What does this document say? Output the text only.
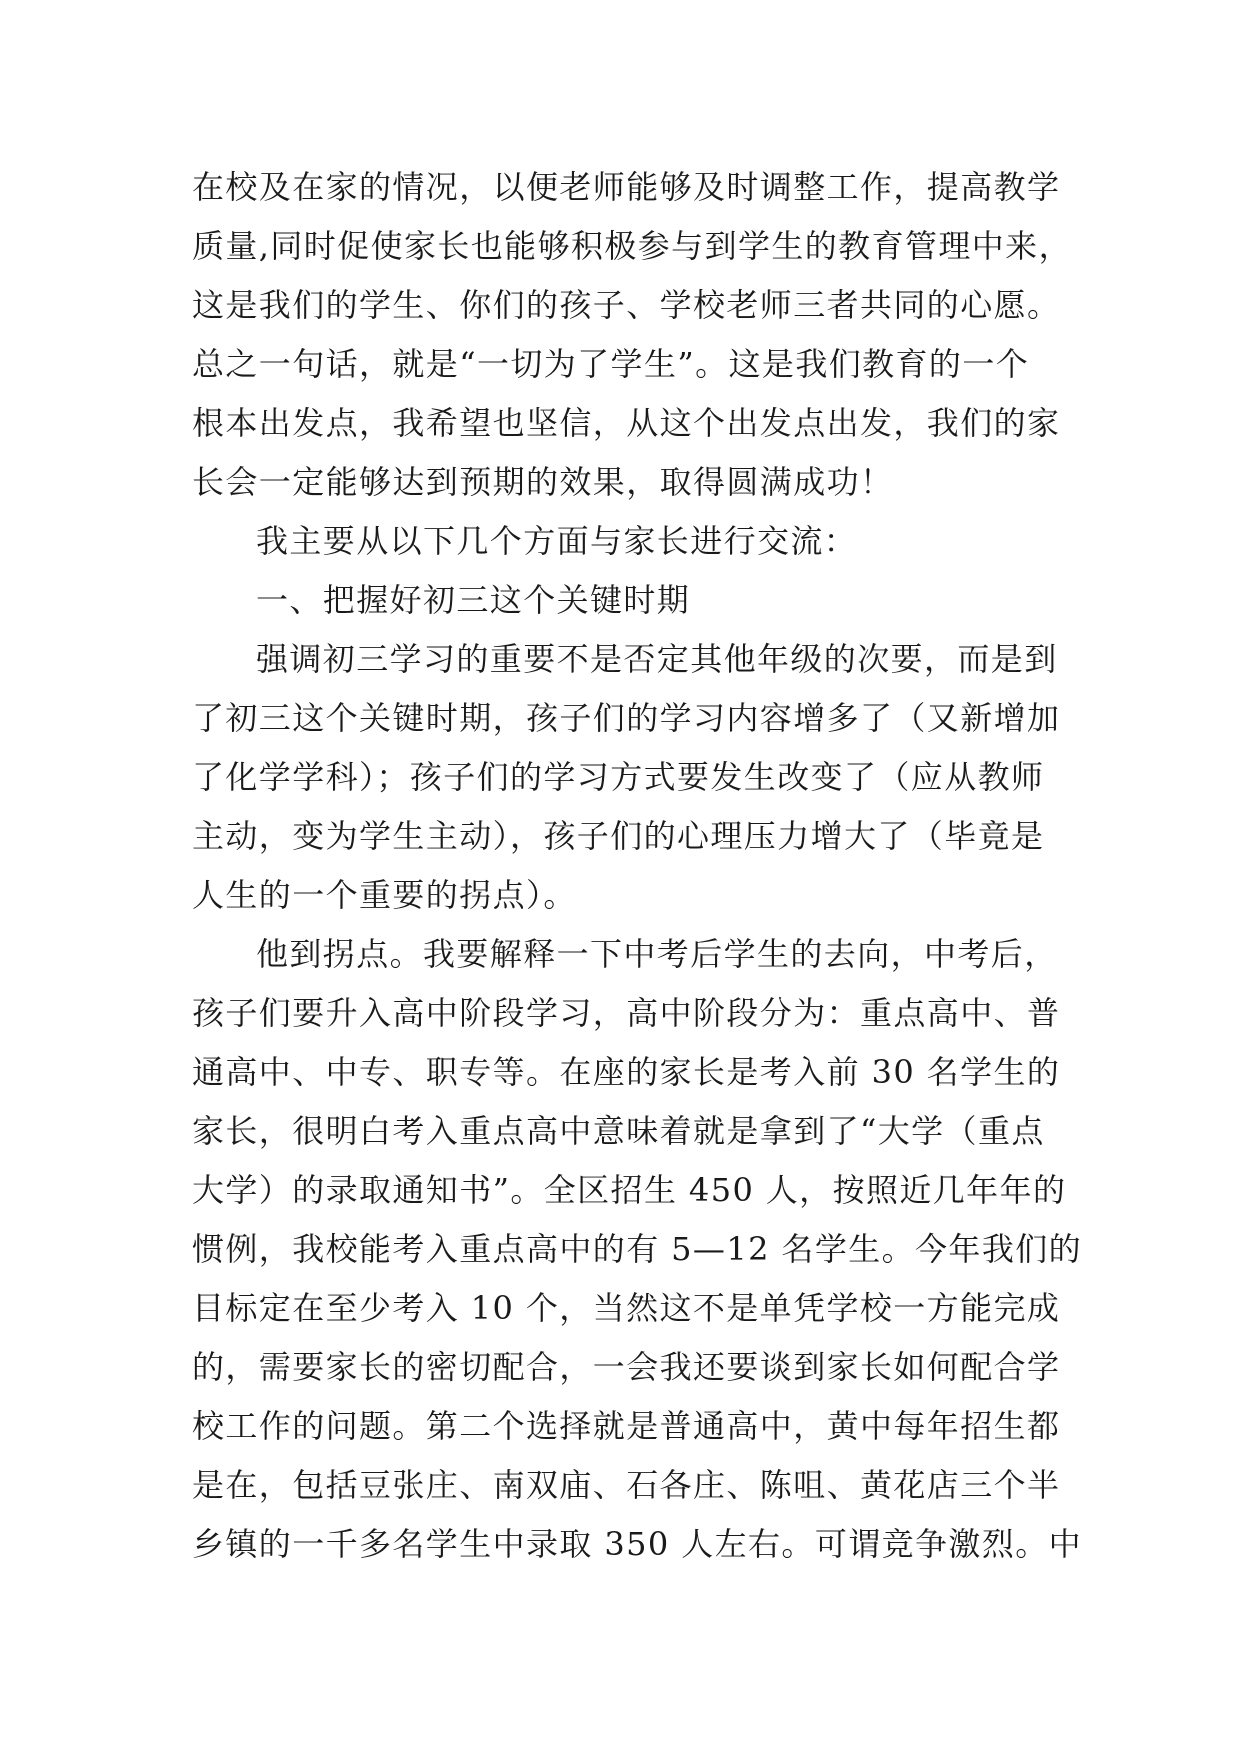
在校及在家的情况，以便老师能够及时调整工作，提高教学
质量,同时促使家长也能够积极参与到学生的教育管理中来，
这是我们的学生、你们的孩子、学校老师三者共同的心愿。
总之一句话，就是“一切为了学生”。这是我们教育的一个
根本出发点，我希望也坚信，从这个出发点出发，我们的家
长会一定能够达到预期的效果，取得圆满成功！
我主要从以下几个方面与家长进行交流：
一、把握好初三这个关键时期
强调初三学习的重要不是否定其他年级的次要，而是到
了初三这个关键时期，孩子们的学习内容增多了（又新增加
了化学学科）；孩子们的学习方式要发生改变了（应从教师
主动，变为学生主动），孩子们的心理压力增大了（毕竟是
人生的一个重要的拐点）。
他到拐点。我要解释一下中考后学生的去向，中考后，
孩子们要升入高中阶段学习，高中阶段分为：重点高中、普
通高中、中专、职专等。在座的家长是考入前 30 名学生的
家长，很明白考入重点高中意味着就是拿到了“大学（重点
大学）的录取通知书”。全区招生 450 人，按照近几年年的
惯例，我校能考入重点高中的有 5—12 名学生。今年我们的
目标定在至少考入 10 个，当然这不是单凭学校一方能完成
的，需要家长的密切配合，一会我还要谈到家长如何配合学
校工作的问题。第二个选择就是普通高中，黄中每年招生都
是在，包括豆张庄、南双庙、石各庄、陈咀、黄花店三个半
乡镇的一千多名学生中录取 350 人左右。可谓竞争激烈。中
